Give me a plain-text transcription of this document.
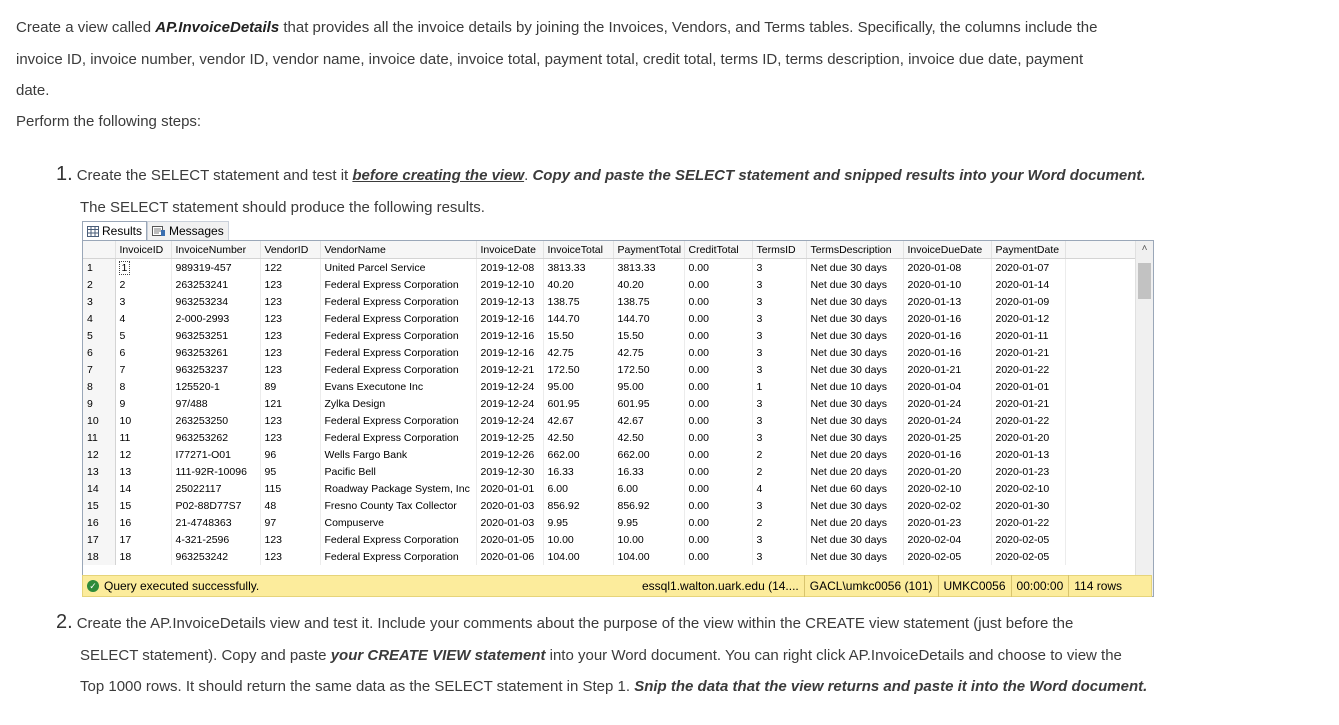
Create a view called AP.InvoiceDetails that provides all the invoice details by joining the Invoices, Vendors, and Terms tables. Specifically, the columns include the
invoice ID, invoice number, vendor ID, vendor name, invoice date, invoice total, payment total, credit total, terms ID, terms description, invoice due date, payment
date.
Perform the following steps:
1. Create the SELECT statement and test it before creating the view. Copy and paste the SELECT statement and snipped results into your Word document.
The SELECT statement should produce the following results.
Results Messages
	InvoiceID	InvoiceNumber	VendorID	VendorName	InvoiceDate	InvoiceTotal	PaymentTotal	CreditTotal	TermsID	TermsDescription	InvoiceDueDate	PaymentDate	
1	1	989319-457	122	United Parcel Service	2019-12-08	3813.33	3813.33	0.00	3	Net due 30 days	2020-01-08	2020-01-07	
2	2	263253241	123	Federal Express Corporation	2019-12-10	40.20	40.20	0.00	3	Net due 30 days	2020-01-10	2020-01-14	
3	3	963253234	123	Federal Express Corporation	2019-12-13	138.75	138.75	0.00	3	Net due 30 days	2020-01-13	2020-01-09	
4	4	2-000-2993	123	Federal Express Corporation	2019-12-16	144.70	144.70	0.00	3	Net due 30 days	2020-01-16	2020-01-12	
5	5	963253251	123	Federal Express Corporation	2019-12-16	15.50	15.50	0.00	3	Net due 30 days	2020-01-16	2020-01-11	
6	6	963253261	123	Federal Express Corporation	2019-12-16	42.75	42.75	0.00	3	Net due 30 days	2020-01-16	2020-01-21	
7	7	963253237	123	Federal Express Corporation	2019-12-21	172.50	172.50	0.00	3	Net due 30 days	2020-01-21	2020-01-22	
8	8	125520-1	89	Evans Executone Inc	2019-12-24	95.00	95.00	0.00	1	Net due 10 days	2020-01-04	2020-01-01	
9	9	97/488	121	Zylka Design	2019-12-24	601.95	601.95	0.00	3	Net due 30 days	2020-01-24	2020-01-21	
10	10	263253250	123	Federal Express Corporation	2019-12-24	42.67	42.67	0.00	3	Net due 30 days	2020-01-24	2020-01-22	
11	11	963253262	123	Federal Express Corporation	2019-12-25	42.50	42.50	0.00	3	Net due 30 days	2020-01-25	2020-01-20	
12	12	I77271-O01	96	Wells Fargo Bank	2019-12-26	662.00	662.00	0.00	2	Net due 20 days	2020-01-16	2020-01-13	
13	13	111-92R-10096	95	Pacific Bell	2019-12-30	16.33	16.33	0.00	2	Net due 20 days	2020-01-20	2020-01-23	
14	14	25022117	115	Roadway Package System, Inc	2020-01-01	6.00	6.00	0.00	4	Net due 60 days	2020-02-10	2020-02-10	
15	15	P02-88D77S7	48	Fresno County Tax Collector	2020-01-03	856.92	856.92	0.00	3	Net due 30 days	2020-02-02	2020-01-30	
16	16	21-4748363	97	Compuserve	2020-01-03	9.95	9.95	0.00	2	Net due 20 days	2020-01-23	2020-01-22	
17	17	4-321-2596	123	Federal Express Corporation	2020-01-05	10.00	10.00	0.00	3	Net due 30 days	2020-02-04	2020-02-05	
18	18	963253242	123	Federal Express Corporation	2020-01-06	104.00	104.00	0.00	3	Net due 30 days	2020-02-05	2020-02-05	
˄
✓ Query executed successfully.	essql1.walton.uark.edu (14.... GACL\umkc0056 (101) UMKC0056 00:00:00 114 rows
2. Create the AP.InvoiceDetails view and test it. Include your comments about the purpose of the view within the CREATE view statement (just before the
SELECT statement). Copy and paste your CREATE VIEW statement into your Word document. You can right click AP.InvoiceDetails and choose to view the
Top 1000 rows. It should return the same data as the SELECT statement in Step 1. Snip the data that the view returns and paste it into the Word document.
